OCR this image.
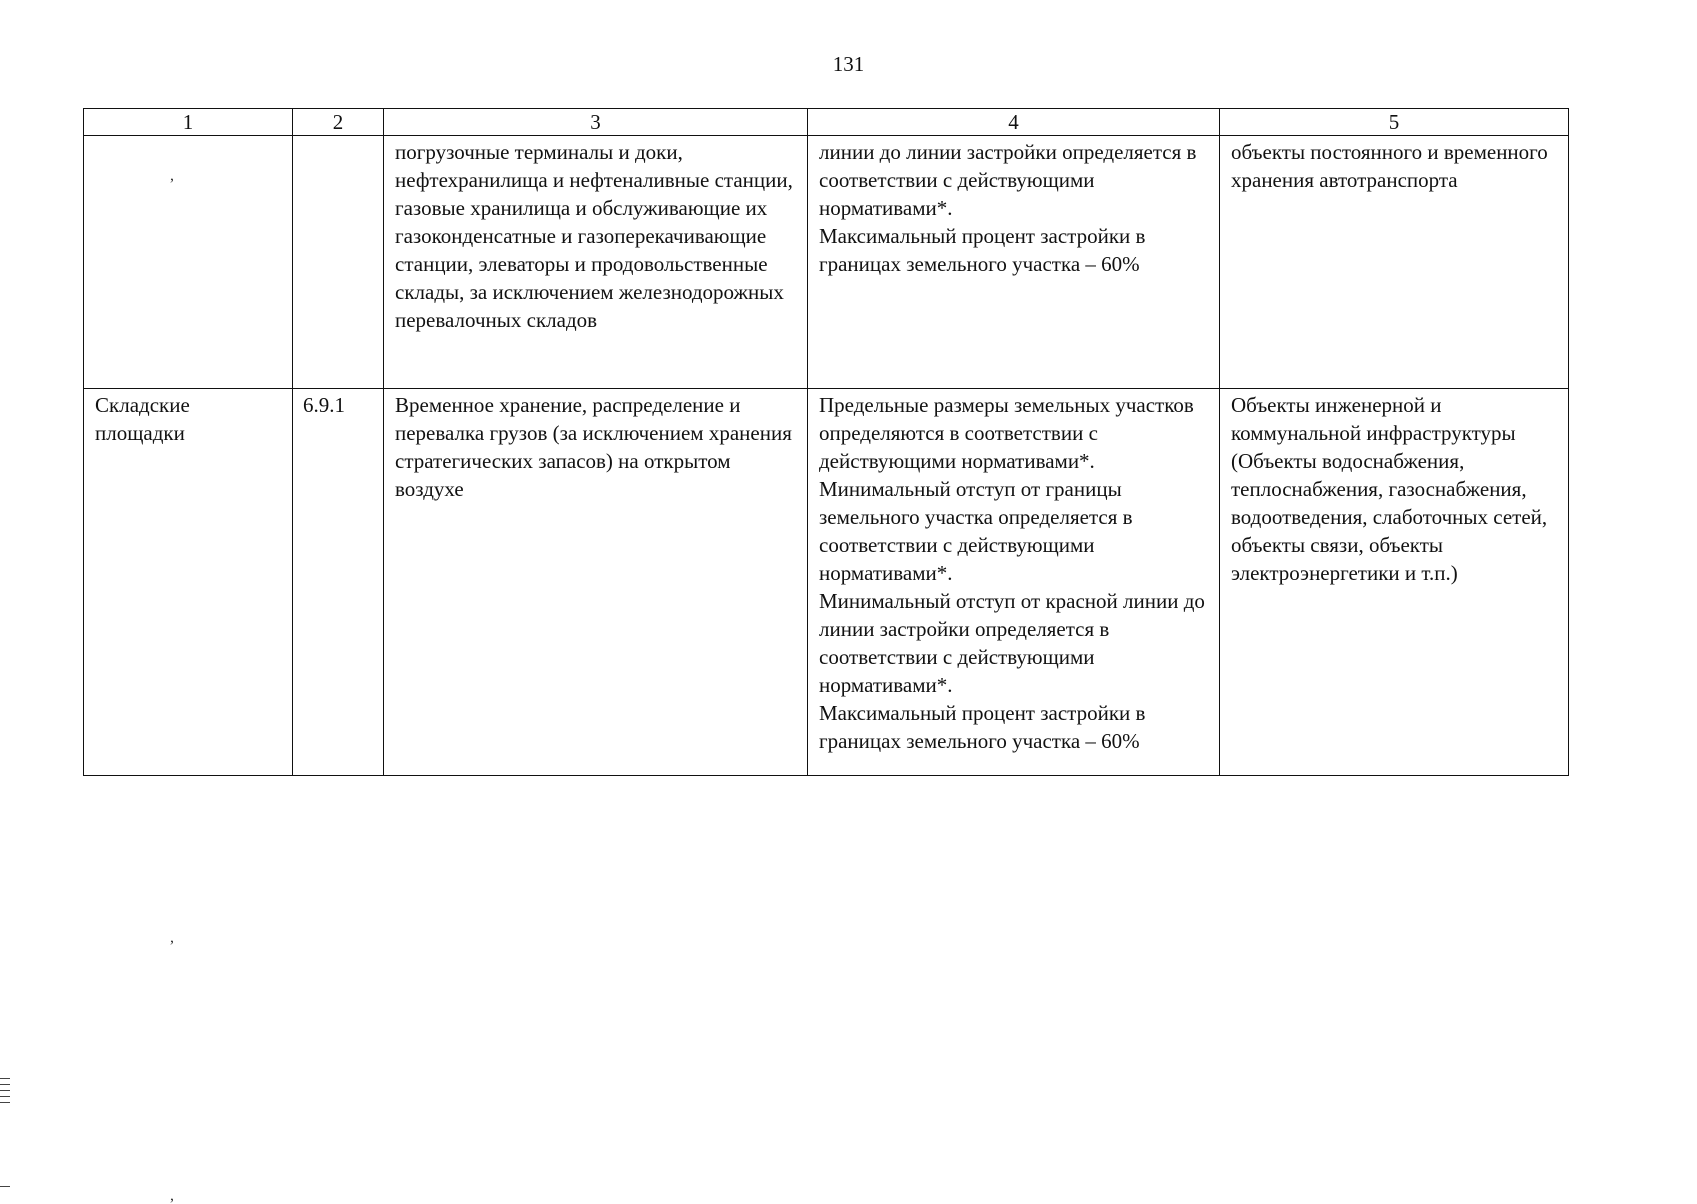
131
1	2	3	4	5
		погрузочные терминалы и доки, нефтехранилища и нефтеналивные станции, газовые хранилища и обслуживающие их газоконденсатные и газоперекачивающие станции, элеваторы и продовольственные склады, за исключением железнодорожных перевалочных складов	линии до линии застройки определяется в соответствии с действующими нормативами*.
Максимальный процент застройки в границах земельного участка – 60%	объекты постоянного и временного хранения автотранспорта
Складские площадки	6.9.1	Временное хранение, распределение и перевалка грузов (за исключением хранения стратегических запасов) на открытом воздухе	Предельные размеры земельных участков определяются в соответствии с действующими нормативами*.
Минимальный отступ от границы земельного участка определяется в соответствии с действующими нормативами*.
Минимальный отступ от красной линии до линии застройки определяется в соответствии с действующими нормативами*.
Максимальный процент застройки в границах земельного участка – 60%	Объекты инженерной и коммунальной инфраструктуры (Объекты водоснабжения, теплоснабжения, газоснабжения, водоотведения, слаботочных сетей, объекты связи, объекты электроэнергетики и т.п.)
,
,
,
